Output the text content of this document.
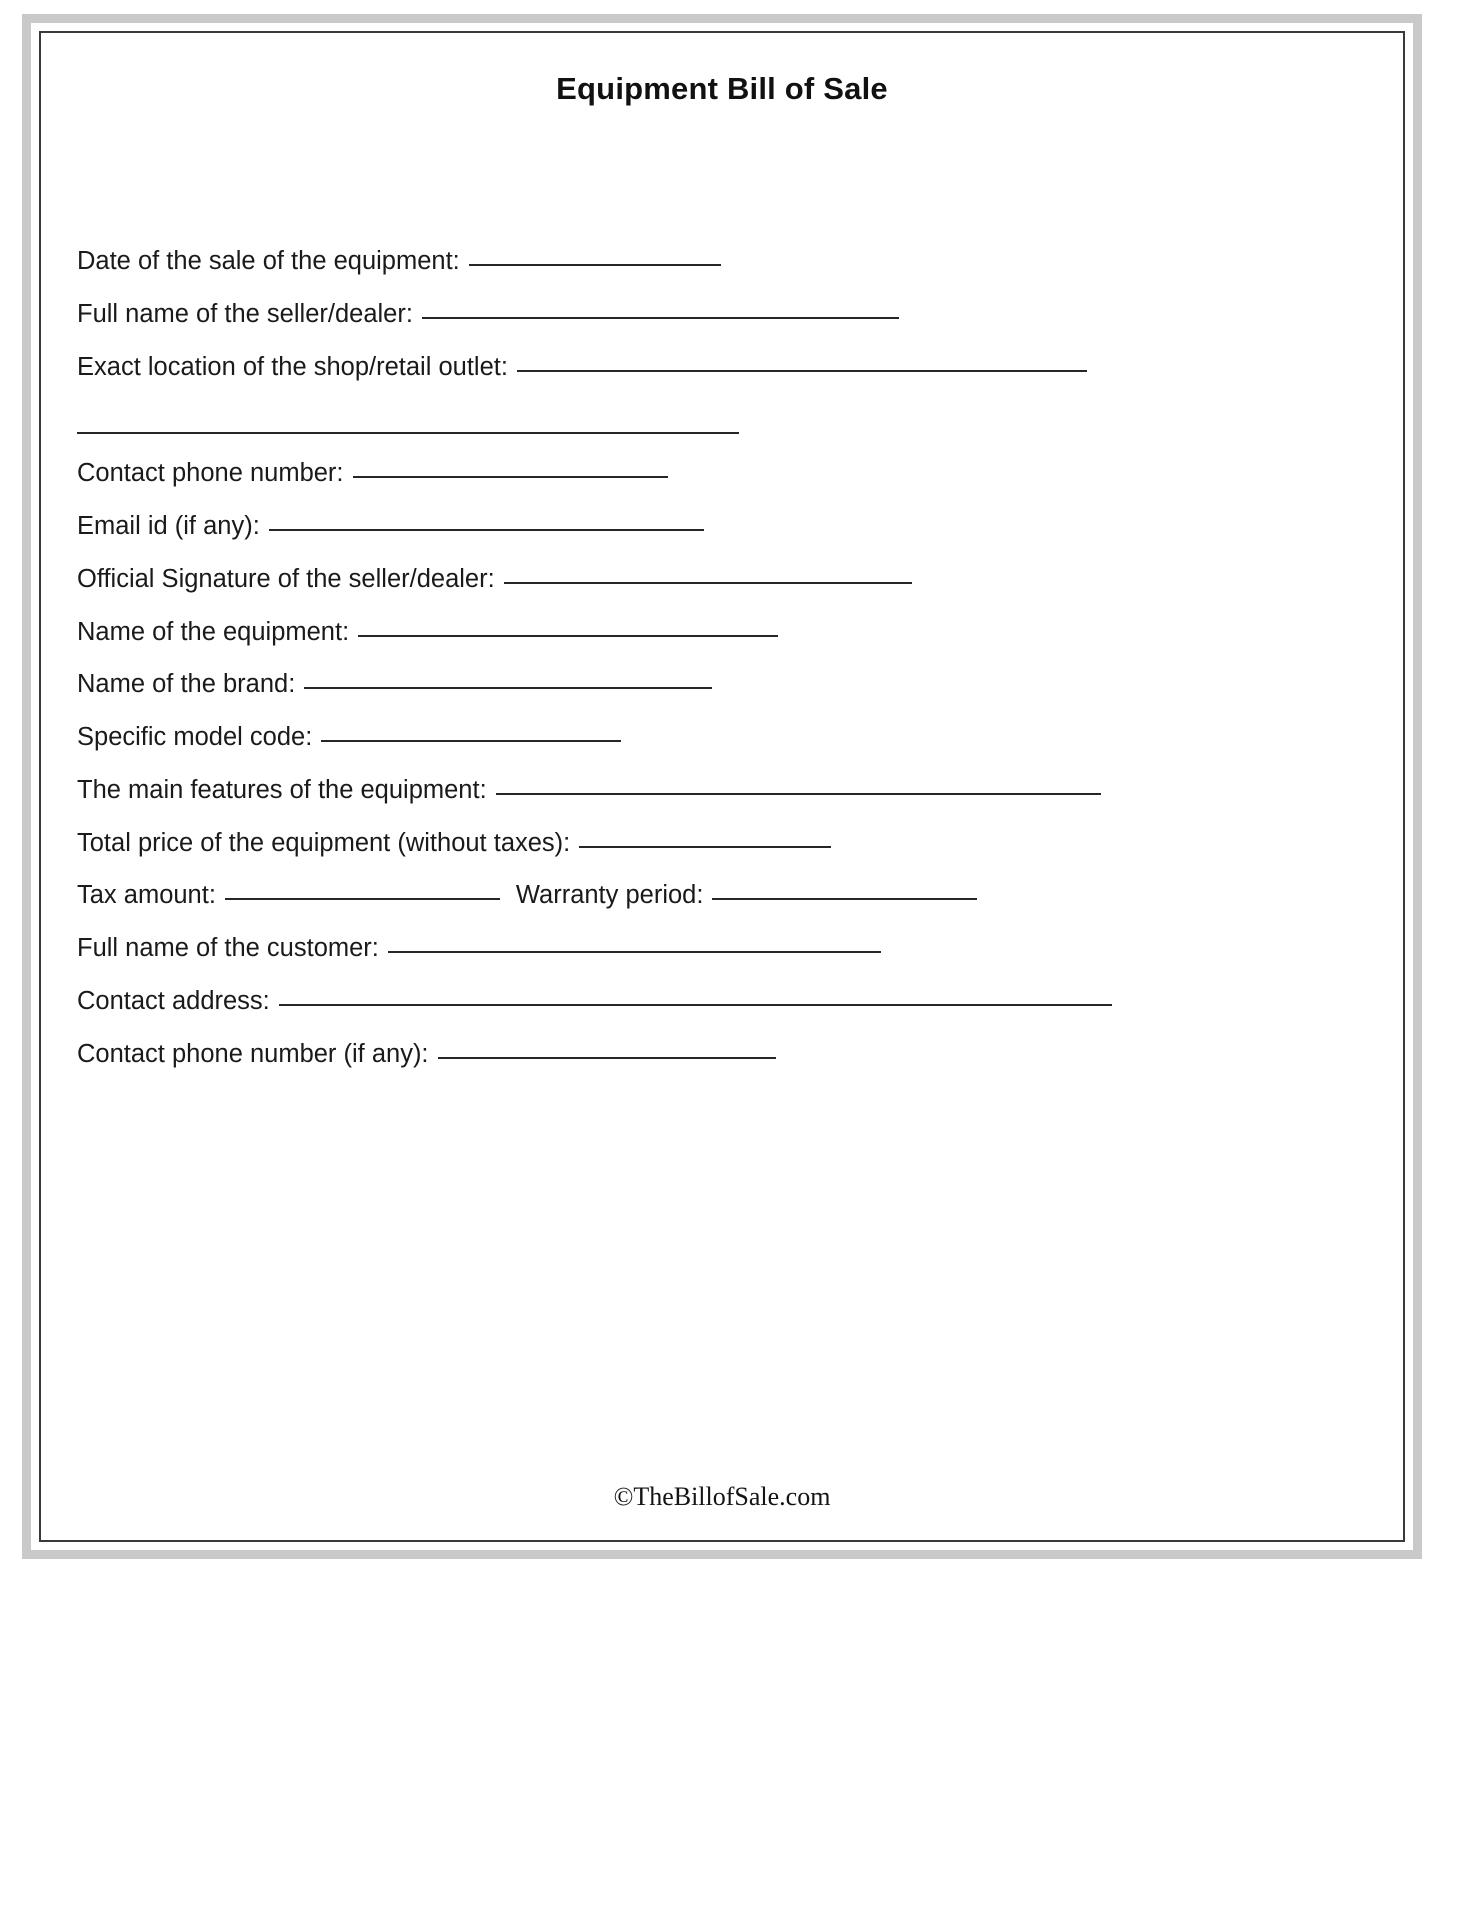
Equipment Bill of Sale
Date of the sale of the equipment:
Full name of the seller/dealer:
Exact location of the shop/retail outlet:
Contact phone number:
Email id (if any):
Official Signature of the seller/dealer:
Name of the equipment:
Name of the brand:
Specific model code:
The main features of the equipment:
Total price of the equipment (without taxes):
Tax amount:	Warranty period:
Full name of the customer:
Contact address:
Contact phone number (if any):
©TheBillofSale.com
